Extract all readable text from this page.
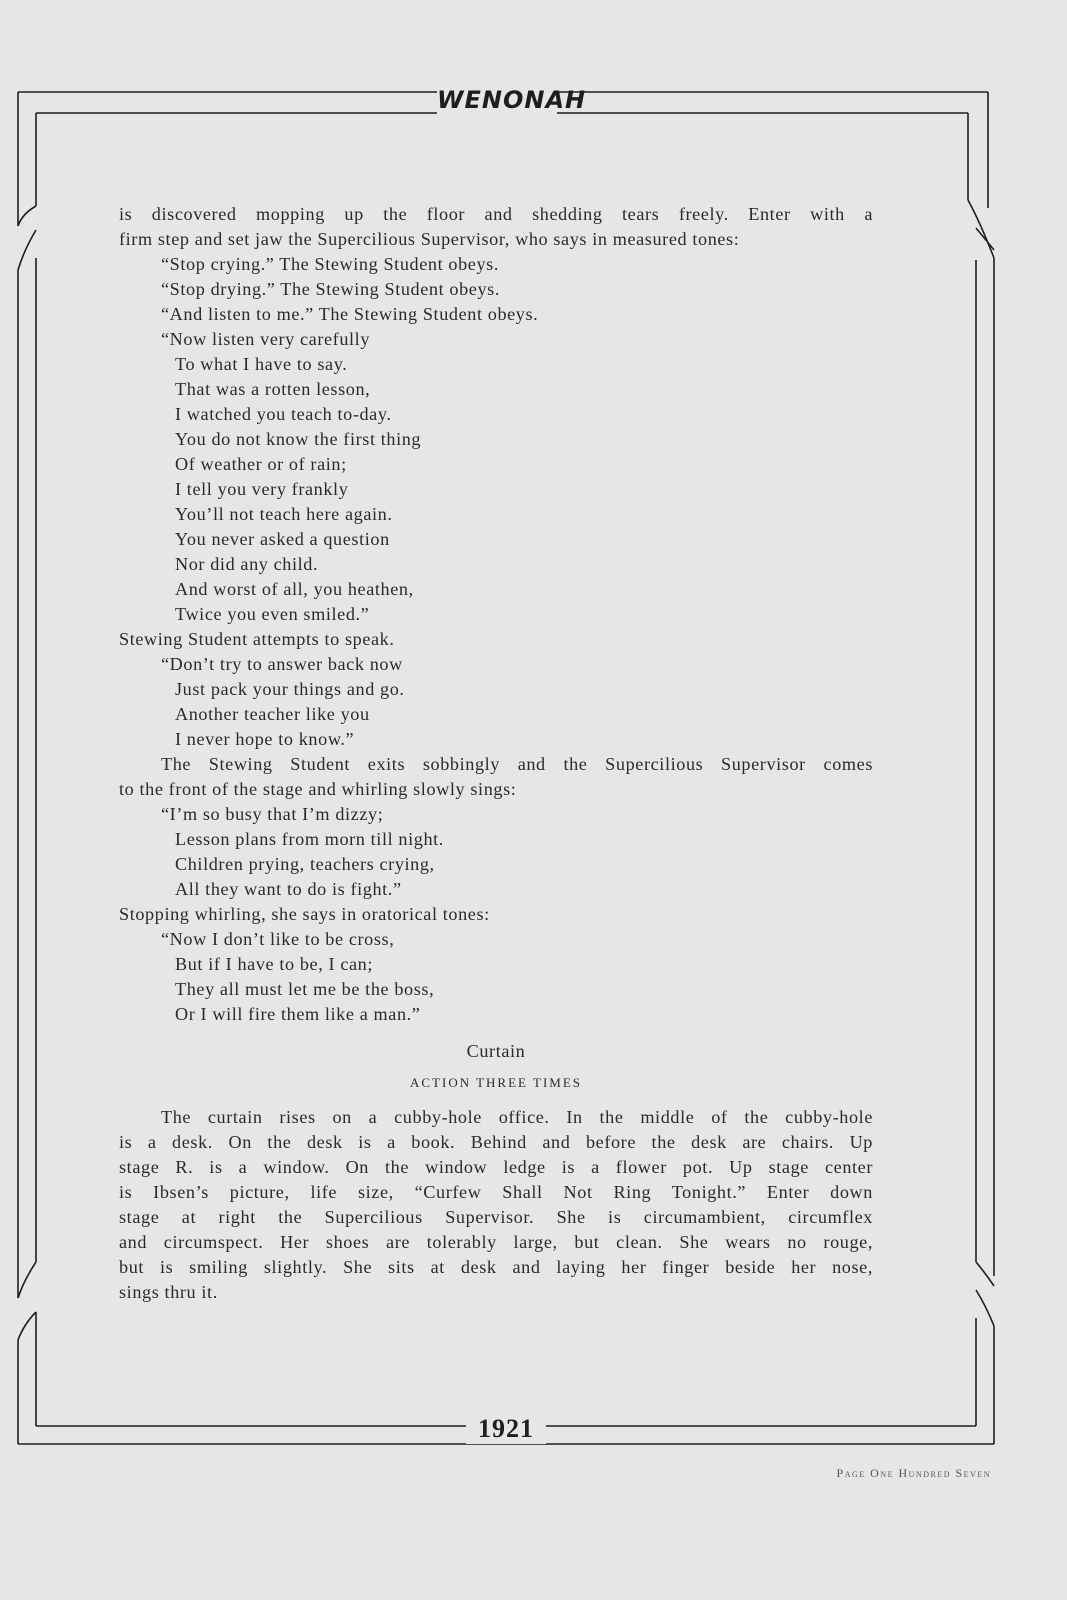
WENONAH
1921
is discovered mopping up the floor and shedding tears freely. Enter with a
firm step and set jaw the Supercilious Supervisor, who says in measured tones:

“Stop crying.” The Stewing Student obeys.

“Stop drying.” The Stewing Student obeys.

“And listen to me.” The Stewing Student obeys.

“Now listen very carefully

To what I have to say.

That was a rotten lesson,

I watched you teach to-day.

You do not know the first thing

Of weather or of rain;

I tell you very frankly

You’ll not teach here again.

You never asked a question

Nor did any child.

And worst of all, you heathen,

Twice you even smiled.”

Stewing Student attempts to speak.

“Don’t try to answer back now

Just pack your things and go.

Another teacher like you

I never hope to know.”

The Stewing Student exits sobbingly and the Supercilious Supervisor comes
to the front of the stage and whirling slowly sings:

“I’m so busy that I’m dizzy;

Lesson plans from morn till night.

Children prying, teachers crying,

All they want to do is fight.”

Stopping whirling, she says in oratorical tones:

“Now I don’t like to be cross,

But if I have to be, I can;

They all must let me be the boss,

Or I will fire them like a man.”

Curtain

ACTION THREE TIMES

The curtain rises on a cubby-hole office. In the middle of the cubby-hole
is a desk. On the desk is a book. Behind and before the desk are chairs. Up
stage R. is a window. On the window ledge is a flower pot. Up stage center
is Ibsen’s picture, life size, “Curfew Shall Not Ring Tonight.” Enter down
stage at right the Supercilious Supervisor. She is circumambient, circumflex
and circumspect. Her shoes are tolerably large, but clean. She wears no rouge,
but is smiling slightly. She sits at desk and laying her finger beside her nose,
sings thru it.
Page One Hundred Seven
